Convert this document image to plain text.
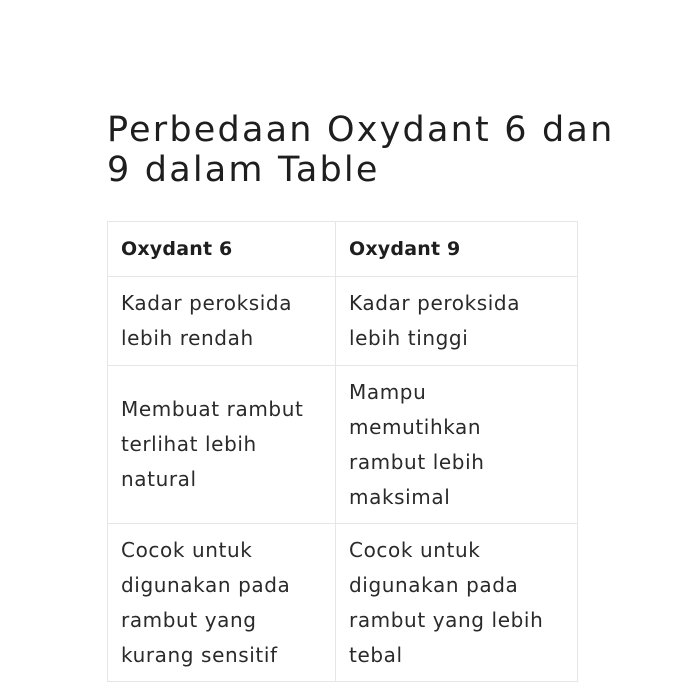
Perbedaan Oxydant 6 dan 9 dalam Table
Oxydant 6	Oxydant 9
Kadar peroksida lebih rendah	Kadar peroksida lebih tinggi
Membuat rambut terlihat lebih natural	Mampu memutihkan rambut lebih maksimal
Cocok untuk digunakan pada rambut yang kurang sensitif	Cocok untuk digunakan pada rambut yang lebih tebal
